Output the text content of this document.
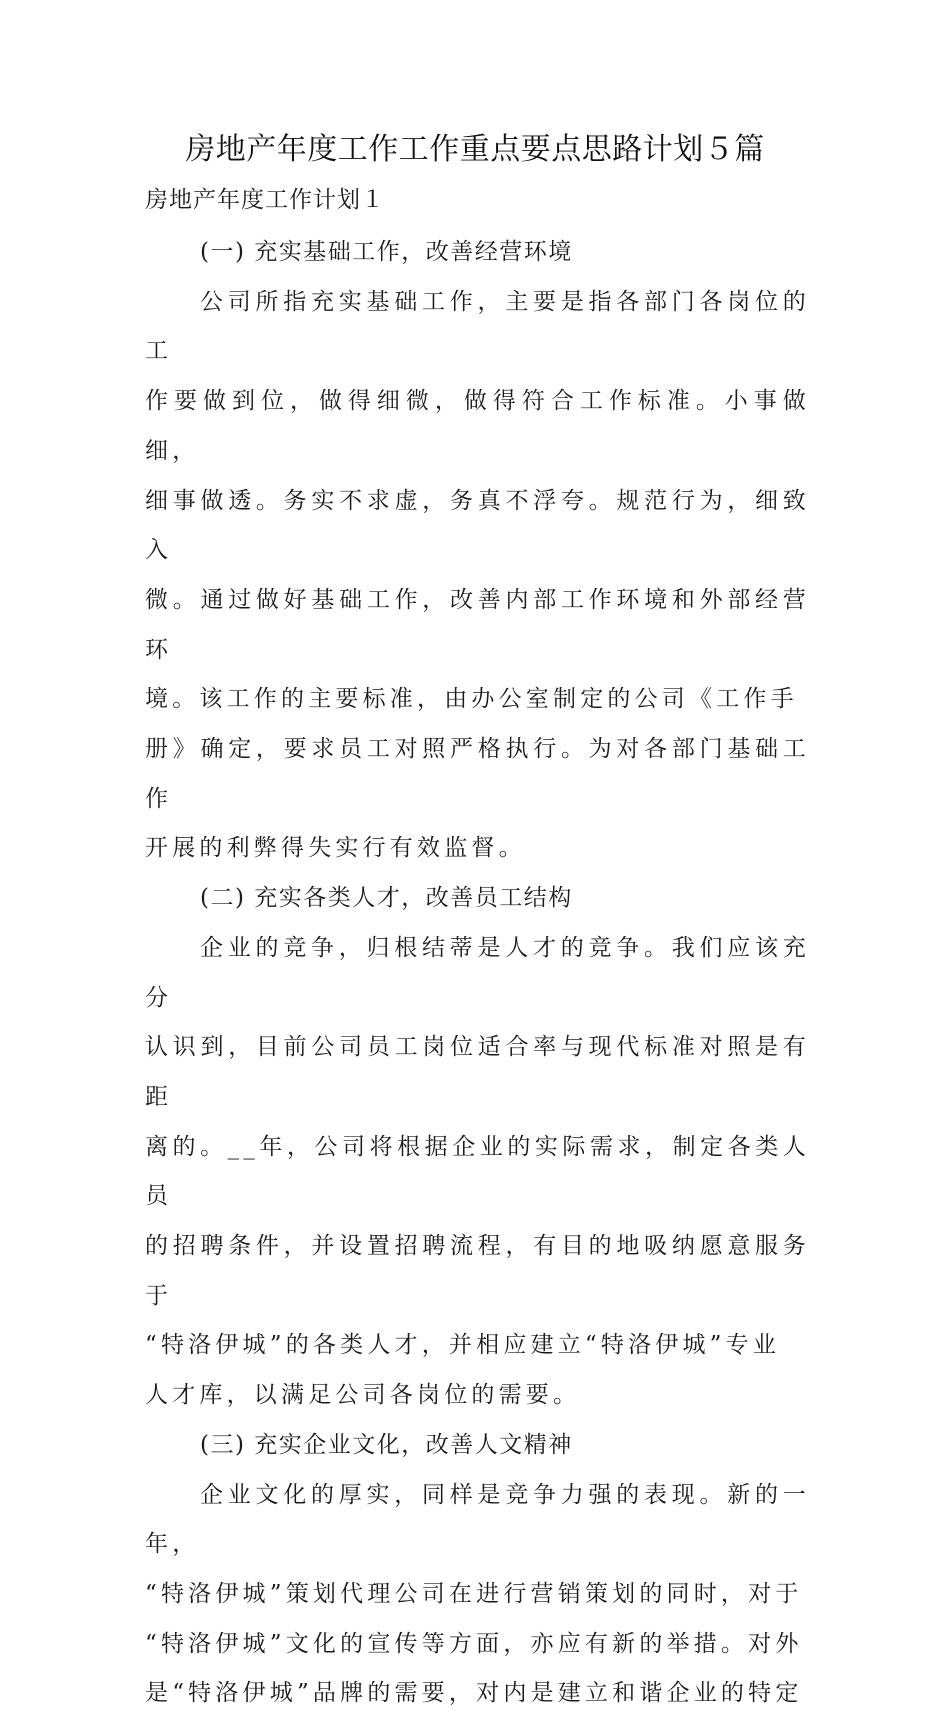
房地产年度工作工作重点要点思路计划５篇
房地产年度工作计划１
(一) 充实基础工作，改善经营环境

公司所指充实基础工作，主要是指各部门各岗位的工

作要做到位，做得细微，做得符合工作标准。小事做细，

细事做透。务实不求虚，务真不浮夸。规范行为，细致入

微。通过做好基础工作，改善内部工作环境和外部经营环

境。该工作的主要标准，由办公室制定的公司《工作手

册》确定，要求员工对照严格执行。为对各部门基础工作

开展的利弊得失实行有效监督。

(二) 充实各类人才，改善员工结构

企业的竞争，归根结蒂是人才的竞争。我们应该充分

认识到，目前公司员工岗位适合率与现代标准对照是有距

离的。__年，公司将根据企业的实际需求，制定各类人员

的招聘条件，并设置招聘流程，有目的地吸纳愿意服务于

“特洛伊城”的各类人才，并相应建立“特洛伊城”专业

人才库，以满足公司各岗位的需要。

(三) 充实企业文化，改善人文精神

企业文化的厚实，同样是竞争力强的表现。新的一年，

“特洛伊城”策划代理公司在进行营销策划的同时，对于

“特洛伊城”文化的宣传等方面，亦应有新的举措。对外

是“特洛伊城”品牌的需要，对内是建立和谐企业的特定
